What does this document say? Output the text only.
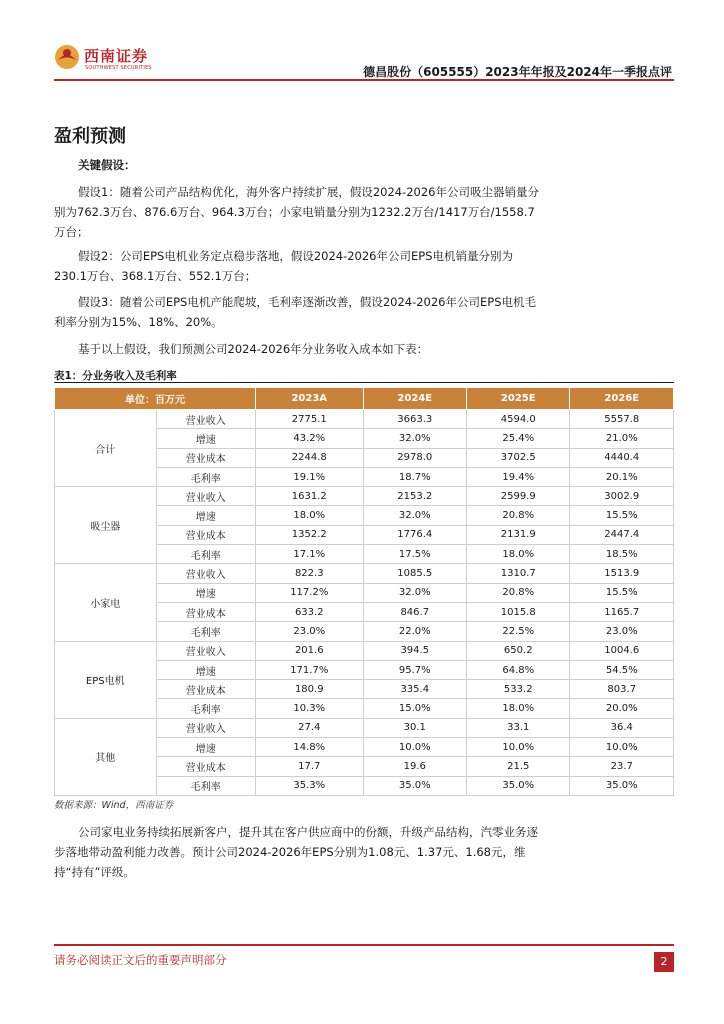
西南证券
SOUTHWEST SECURITIES	德昌股份（605555）2023年年报及2024年一季报点评
盈利预测
关键假设：
假设1：随着公司产品结构优化，海外客户持续扩展，假设2024-2026年公司吸尘器销量分别为762.3万台、876.6万台、964.3万台；小家电销量分别为1232.2万台/1417万台/1558.7万台；
假设2：公司EPS电机业务定点稳步落地，假设2024-2026年公司EPS电机销量分别为230.1万台、368.1万台、552.1万台；
假设3：随着公司EPS电机产能爬坡，毛利率逐渐改善，假设2024-2026年公司EPS电机毛利率分别为15%、18%、20%。
基于以上假设，我们预测公司2024-2026年分业务收入成本如下表：
表1：分业务收入及毛利率
单位：百万元		2023A	2024E	2025E	2026E
合计	营业收入	2775.1	3663.3	4594.0	5557.8
	增速	43.2%	32.0%	25.4%	21.0%
	营业成本	2244.8	2978.0	3702.5	4440.4
	毛利率	19.1%	18.7%	19.4%	20.1%
吸尘器	营业收入	1631.2	2153.2	2599.9	3002.9
	增速	18.0%	32.0%	20.8%	15.5%
	营业成本	1352.2	1776.4	2131.9	2447.4
	毛利率	17.1%	17.5%	18.0%	18.5%
小家电	营业收入	822.3	1085.5	1310.7	1513.9
	增速	117.2%	32.0%	20.8%	15.5%
	营业成本	633.2	846.7	1015.8	1165.7
	毛利率	23.0%	22.0%	22.5%	23.0%
EPS电机	营业收入	201.6	394.5	650.2	1004.6
	增速	171.7%	95.7%	64.8%	54.5%
	营业成本	180.9	335.4	533.2	803.7
	毛利率	10.3%	15.0%	18.0%	20.0%
其他	营业收入	27.4	30.1	33.1	36.4
	增速	14.8%	10.0%	10.0%	10.0%
	营业成本	17.7	19.6	21.5	23.7
	毛利率	35.3%	35.0%	35.0%	35.0%
数据来源：Wind，西南证券
公司家电业务持续拓展新客户，提升其在客户供应商中的份额，升级产品结构，汽零业务逐步落地带动盈利能力改善。预计公司2024-2026年EPS分别为1.08元、1.37元、1.68元，维持“持有”评级。
请务必阅读正文后的重要声明部分	2
